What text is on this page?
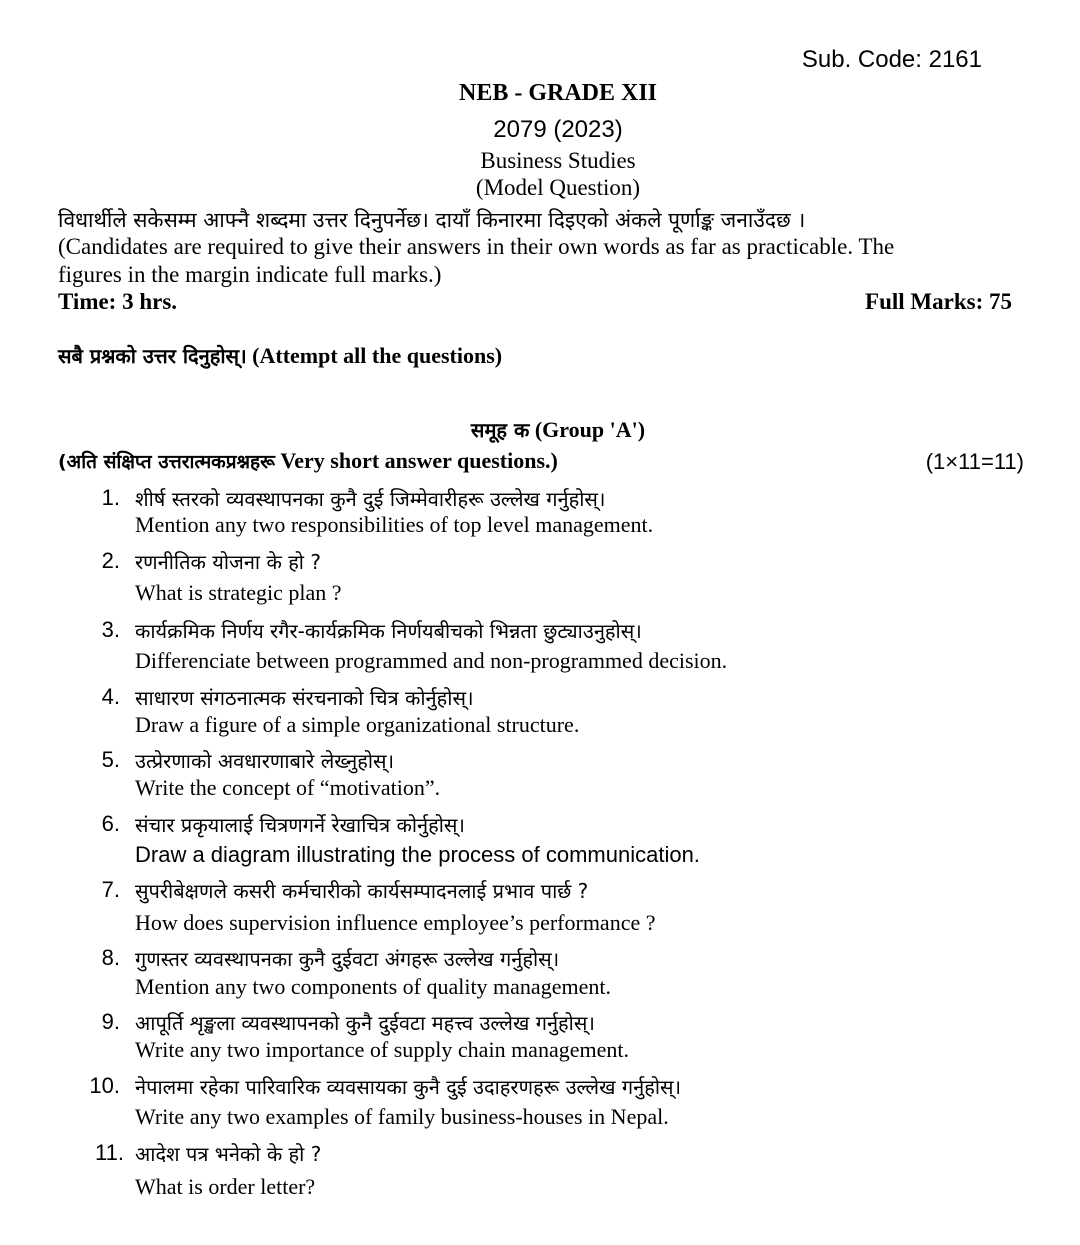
Sub. Code: 2161
NEB - GRADE XII
2079 (2023)
Business Studies
(Model Question)
विधार्थीले सकेसम्म आफ्नै शब्दमा उत्तर दिनुपर्नेछ। दायाँ किनारमा दिइएको अंकले पूर्णाङ्क जनाउँदछ ।
(Candidates are required to give their answers in their own words as far as practicable. The
figures in the margin indicate full marks.)
Time: 3 hrs.	Full Marks: 75
सबै प्रश्नको उत्तर दिनुहोस्। (Attempt all the questions)
समूह क (Group 'A')
(अति संक्षिप्त उत्तरात्मकप्रश्नहरू Very short answer questions.)	(1×11=11)
1. शीर्ष स्तरको व्यवस्थापनका कुनै दुई जिम्मेवारीहरू उल्लेख गर्नुहोस्।
Mention any two responsibilities of top level management.
2. रणनीतिक योजना के हो ?
What is strategic plan ?
3. कार्यक्रमिक निर्णय रगैर-कार्यक्रमिक निर्णयबीचको भिन्नता छुट्याउनुहोस्।
Differenciate between programmed and non-programmed decision.
4. साधारण संगठनात्मक संरचनाको चित्र कोर्नुहोस्।
Draw a figure of a simple organizational structure.
5. उत्प्रेरणाको अवधारणाबारे लेख्नुहोस्।
Write the concept of “motivation”.
6. संचार प्रकृयालाई चित्रणगर्ने रेखाचित्र कोर्नुहोस्।
Draw a diagram illustrating the process of communication.
7. सुपरीबेक्षणले कसरी कर्मचारीको कार्यसम्पादनलाई प्रभाव पार्छ ?
How does supervision influence employee’s performance ?
8. गुणस्तर व्यवस्थापनका कुनै दुईवटा अंगहरू उल्लेख गर्नुहोस्।
Mention any two components of quality management.
9. आपूर्ति शृङ्खला व्यवस्थापनको कुनै दुईवटा महत्त्व उल्लेख गर्नुहोस्।
Write any two importance of supply chain management.
10. नेपालमा रहेका पारिवारिक व्यवसायका कुनै दुई उदाहरणहरू उल्लेख गर्नुहोस्।
Write any two examples of family business-houses in Nepal.
11. आदेश पत्र भनेको के हो ?
What is order letter?
